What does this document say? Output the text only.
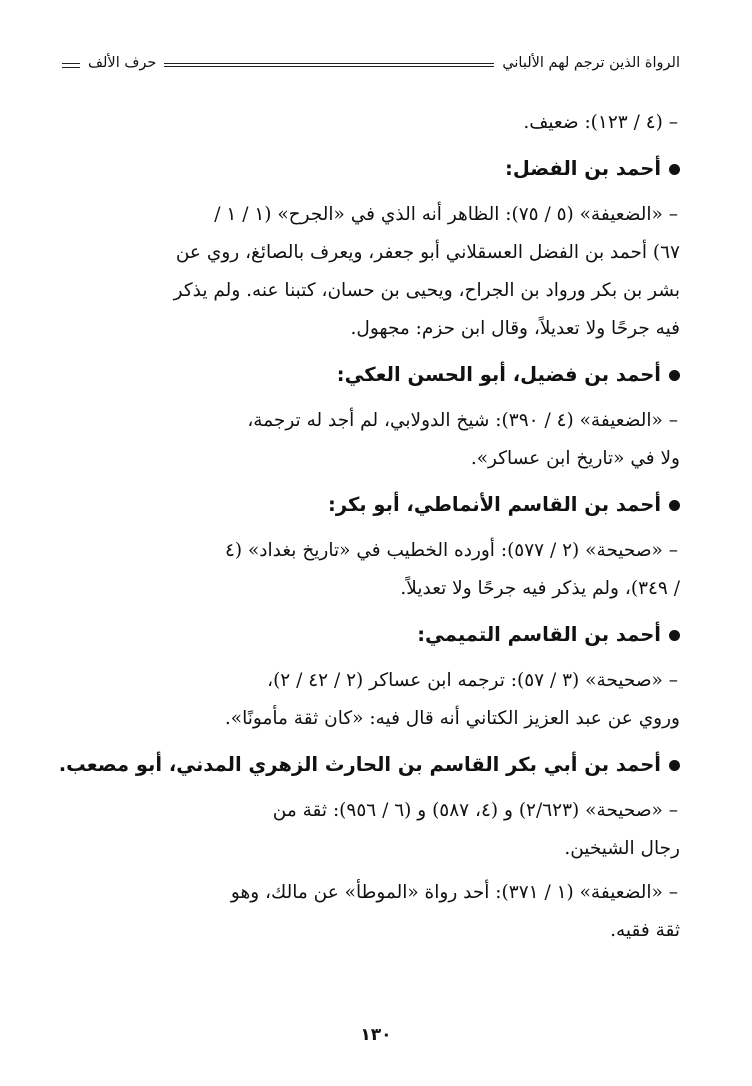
الرواة الذين ترجم لهم الألباني
حرف الألف
– (٤ / ١٢٣): ضعيف.
أحمد بن الفضل:
– «الضعيفة» (٥ / ٧٥): الظاهر أنه الذي في «الجرح» (١ / ١ /
٦٧) أحمد بن الفضل العسقلاني أبو جعفر، ويعرف بالصائغ، روي عن
بشر بن بكر ورواد بن الجراح، ويحيى بن حسان، كتبنا عنه. ولم يذكر
فيه جرحًا ولا تعديلاً، وقال ابن حزم: مجهول.
أحمد بن فضيل، أبو الحسن العكي:
– «الضعيفة» (٤ / ٣٩٠): شيخ الدولابي، لم أجد له ترجمة،
ولا في «تاريخ ابن عساكر».
أحمد بن القاسم الأنماطي، أبو بكر:
– «صحيحة» (٢ / ٥٧٧): أورده الخطيب في «تاريخ بغداد» (٤
/ ٣٤٩)، ولم يذكر فيه جرحًا ولا تعديلاً.
أحمد بن القاسم التميمي:
– «صحيحة» (٣ / ٥٧): ترجمه ابن عساكر (٢ / ٤٢ / ٢)،
وروي عن عبد العزيز الكتاني أنه قال فيه: «كان ثقة مأمونًا».
أحمد بن أبي بكر القاسم بن الحارث الزهري المدني، أبو مصعب.
– «صحيحة» (٢/٦٢٣) و (٤، ٥٨٧) و (٦ / ٩٥٦): ثقة من
رجال الشيخين.
– «الضعيفة» (١ / ٣٧١): أحد رواة «الموطأ» عن مالك، وهو
ثقة فقيه.
١٣٠
